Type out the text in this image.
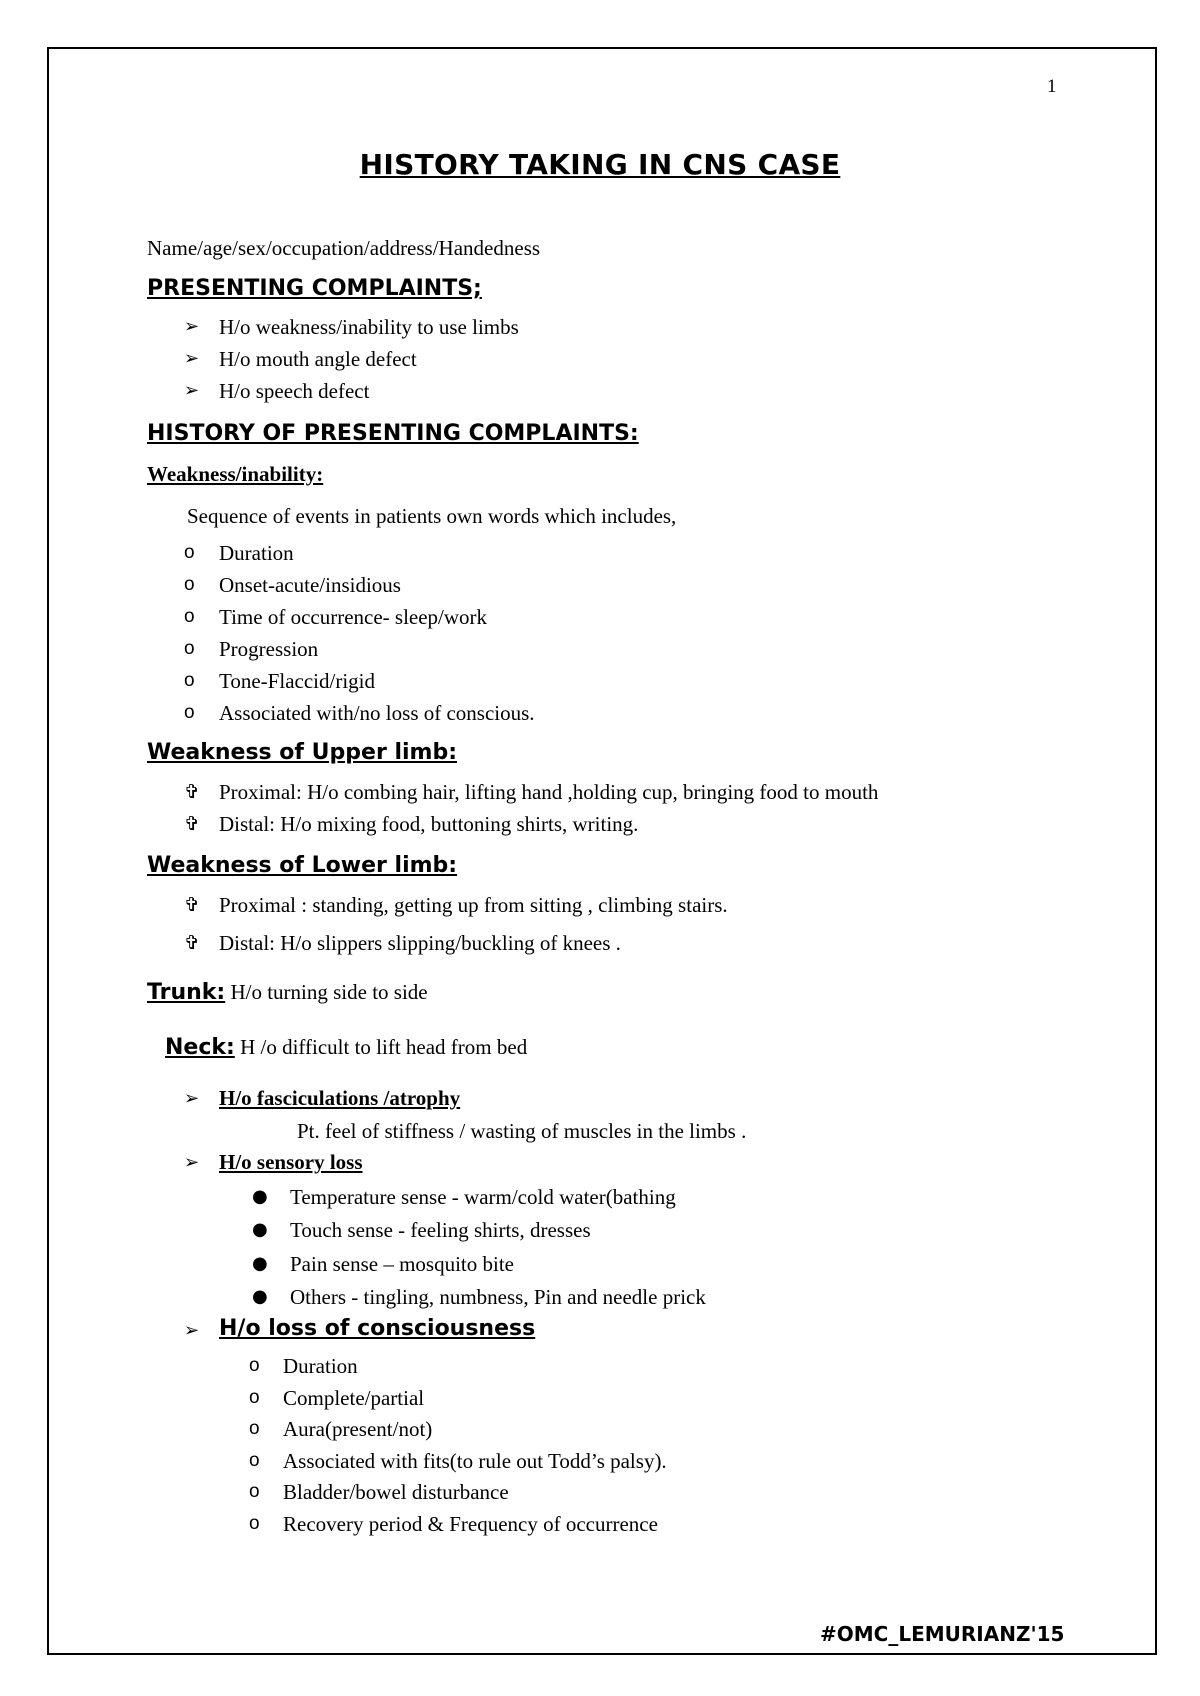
1
HISTORY TAKING IN CNS CASE
Name/age/sex/occupation/address/Handedness
PRESENTING COMPLAINTS;
➢ H/o weakness/inability to use limbs
➢ H/o mouth angle defect
➢ H/o speech defect
HISTORY OF PRESENTING COMPLAINTS:
Weakness/inability:
Sequence of events in patients own words which includes,
o Duration
o Onset-acute/insidious
o Time of occurrence- sleep/work
o Progression
o Tone-Flaccid/rigid
o Associated with/no loss of conscious.
Weakness of Upper limb:
✞ Proximal: H/o combing hair, lifting hand ,holding cup, bringing food to mouth
✞ Distal: H/o mixing food, buttoning shirts, writing.
Weakness of Lower limb:
✞ Proximal : standing, getting up from sitting , climbing stairs.
✞ Distal: H/o slippers slipping/buckling of knees .
Trunk: H/o turning side to side
Neck: H /o difficult to lift head from bed
➢ H/o fasciculations /atrophy
Pt. feel of stiffness / wasting of muscles in the limbs .
➢ H/o sensory loss
● Temperature sense - warm/cold water(bathing
● Touch sense - feeling shirts, dresses
● Pain sense – mosquito bite
● Others - tingling, numbness, Pin and needle prick
➢ H/o loss of consciousness
o Duration
o Complete/partial
o Aura(present/not)
o Associated with fits(to rule out Todd’s palsy).
o Bladder/bowel disturbance
o Recovery period & Frequency of occurrence
#OMC_LEMURIANZ'15
